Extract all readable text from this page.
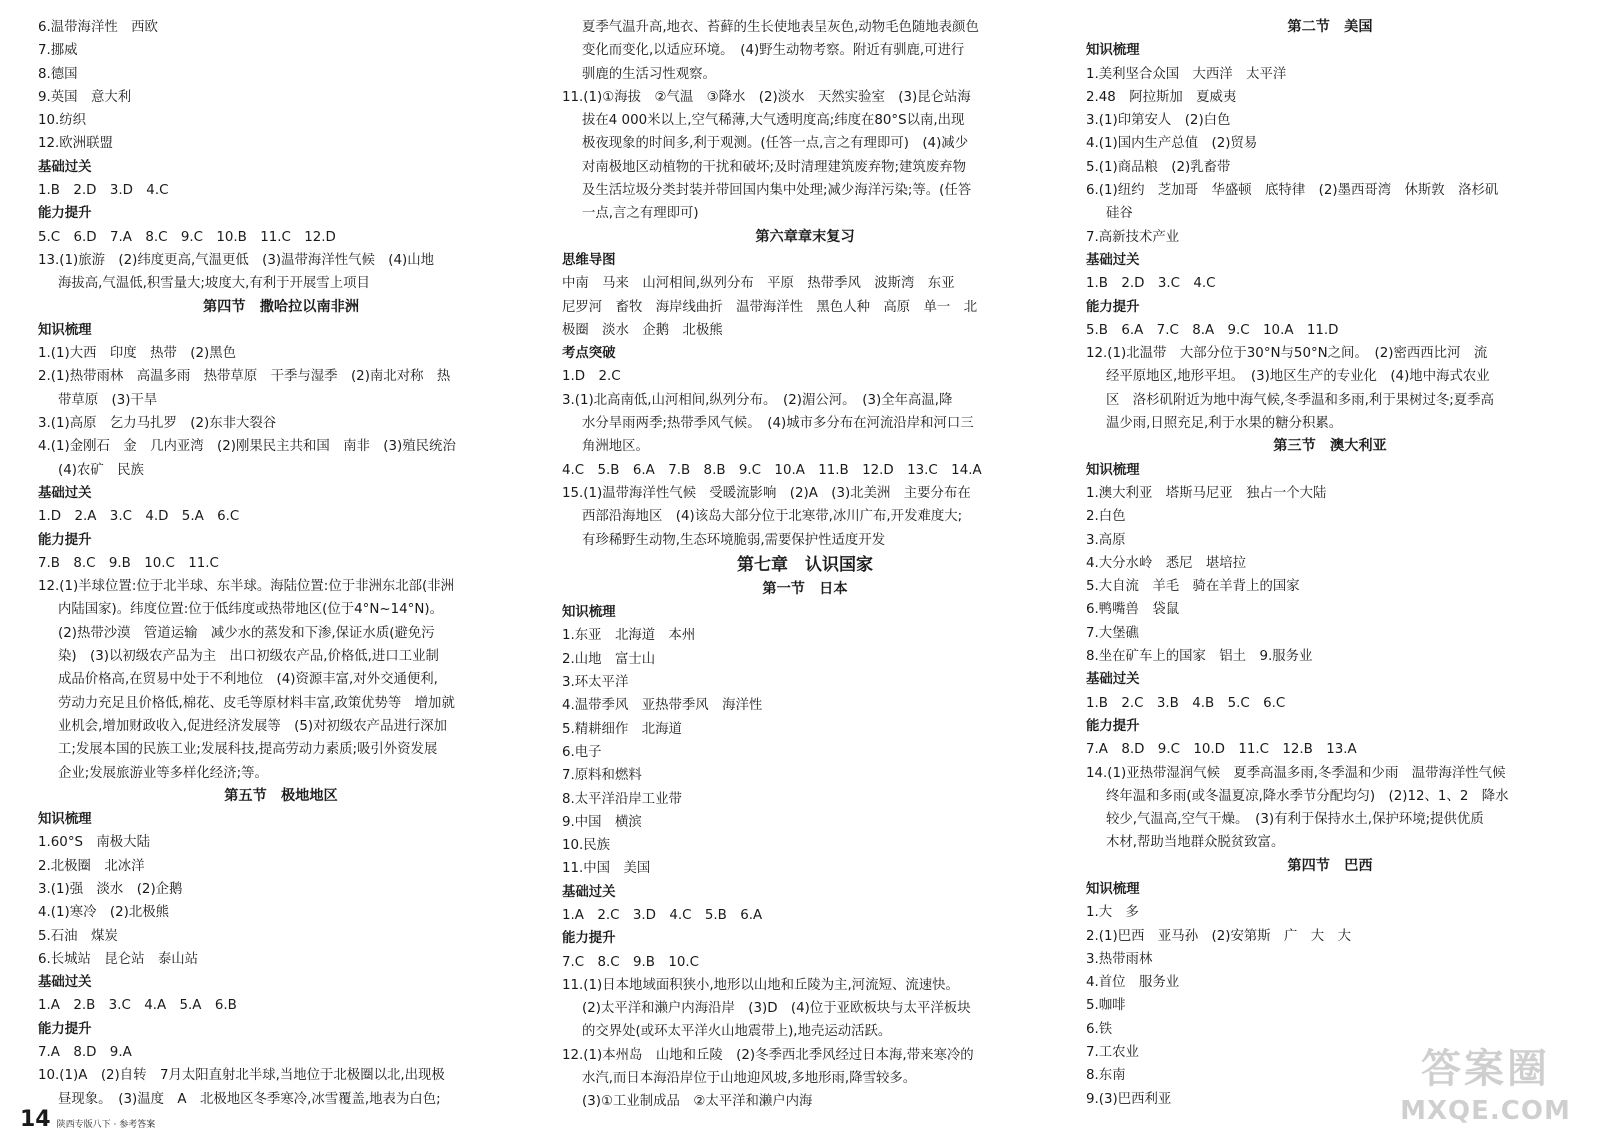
6.温带海洋性　西欧
7.挪威
8.德国
9.英国　意大利
10.纺织
12.欧洲联盟
基础过关
1.B　2.D　3.D　4.C
能力提升
5.C　6.D　7.A　8.C　9.C　10.B　11.C　12.D
13.(1)旅游　(2)纬度更高,气温更低　(3)温带海洋性气候　(4)山地
海拔高,气温低,积雪量大;坡度大,有利于开展雪上项目
第四节　撒哈拉以南非洲
知识梳理
1.(1)大西　印度　热带　(2)黑色
2.(1)热带雨林　高温多雨　热带草原　干季与湿季　(2)南北对称　热
带草原　(3)干旱
3.(1)高原　乞力马扎罗　(2)东非大裂谷
4.(1)金刚石　金　几内亚湾　(2)刚果民主共和国　南非　(3)殖民统治
(4)农矿　民族
基础过关
1.D　2.A　3.C　4.D　5.A　6.C
能力提升
7.B　8.C　9.B　10.C　11.C
12.(1)半球位置:位于北半球、东半球。海陆位置:位于非洲东北部(非洲
内陆国家)。纬度位置:位于低纬度或热带地区(位于4°N~14°N)。
(2)热带沙漠　管道运输　减少水的蒸发和下渗,保证水质(避免污
染)　(3)以初级农产品为主　出口初级农产品,价格低,进口工业制
成品价格高,在贸易中处于不利地位　(4)资源丰富,对外交通便利,
劳动力充足且价格低,棉花、皮毛等原材料丰富,政策优势等　增加就
业机会,增加财政收入,促进经济发展等　(5)对初级农产品进行深加
工;发展本国的民族工业;发展科技,提高劳动力素质;吸引外资发展
企业;发展旅游业等多样化经济;等。
第五节　极地地区
知识梳理
1.60°S　南极大陆
2.北极圈　北冰洋
3.(1)强　淡水　(2)企鹅
4.(1)寒冷　(2)北极熊
5.石油　煤炭
6.长城站　昆仑站　泰山站
基础过关
1.A　2.B　3.C　4.A　5.A　6.B
能力提升
7.A　8.D　9.A
10.(1)A　(2)自转　7月太阳直射北半球,当地位于北极圈以北,出现极
昼现象。　(3)温度　A　北极地区冬季寒冷,冰雪覆盖,地表为白色;
夏季气温升高,地衣、苔藓的生长使地表呈灰色,动物毛色随地表颜色
变化而变化,以适应环境。　(4)野生动物考察。附近有驯鹿,可进行
驯鹿的生活习性观察。
11.(1)①海拔　②气温　③降水　(2)淡水　天然实验室　(3)昆仑站海
拔在4 000米以上,空气稀薄,大气透明度高;纬度在80°S以南,出现
极夜现象的时间多,利于观测。(任答一点,言之有理即可)　(4)减少
对南极地区动植物的干扰和破坏;及时清理建筑废弃物;建筑废弃物
及生活垃圾分类封装并带回国内集中处理;减少海洋污染;等。(任答
一点,言之有理即可)
第六章章末复习
思维导图
中南　马来　山河相间,纵列分布　平原　热带季风　波斯湾　东亚
尼罗河　畜牧　海岸线曲折　温带海洋性　黑色人种　高原　单一　北
极圈　淡水　企鹅　北极熊
考点突破
1.D　2.C
3.(1)北高南低,山河相间,纵列分布。　(2)湄公河。　(3)全年高温,降
水分旱雨两季;热带季风气候。　(4)城市多分布在河流沿岸和河口三
角洲地区。
4.C　5.B　6.A　7.B　8.B　9.C　10.A　11.B　12.D　13.C　14.A
15.(1)温带海洋性气候　受暖流影响　(2)A　(3)北美洲　主要分布在
西部沿海地区　(4)该岛大部分位于北寒带,冰川广布,开发难度大;
有珍稀野生动物,生态环境脆弱,需要保护性适度开发
第七章　认识国家
第一节　日本
知识梳理
1.东亚　北海道　本州
2.山地　富士山
3.环太平洋
4.温带季风　亚热带季风　海洋性
5.精耕细作　北海道
6.电子
7.原料和燃料
8.太平洋沿岸工业带
9.中国　横滨
10.民族
11.中国　美国
基础过关
1.A　2.C　3.D　4.C　5.B　6.A
能力提升
7.C　8.C　9.B　10.C
11.(1)日本地域面积狭小,地形以山地和丘陵为主,河流短、流速快。
(2)太平洋和濑户内海沿岸　(3)D　(4)位于亚欧板块与太平洋板块
的交界处(或环太平洋火山地震带上),地壳运动活跃。
12.(1)本州岛　山地和丘陵　(2)冬季西北季风经过日本海,带来寒冷的
水汽,而日本海沿岸位于山地迎风坡,多地形雨,降雪较多。
(3)①工业制成品　②太平洋和濑户内海
第二节　美国
知识梳理
1.美利坚合众国　大西洋　太平洋
2.48　阿拉斯加　夏威夷
3.(1)印第安人　(2)白色
4.(1)国内生产总值　(2)贸易
5.(1)商品粮　(2)乳畜带
6.(1)纽约　芝加哥　华盛顿　底特律　(2)墨西哥湾　休斯敦　洛杉矶
硅谷
7.高新技术产业
基础过关
1.B　2.D　3.C　4.C
能力提升
5.B　6.A　7.C　8.A　9.C　10.A　11.D
12.(1)北温带　大部分位于30°N与50°N之间。　(2)密西西比河　流
经平原地区,地形平坦。　(3)地区生产的专业化　(4)地中海式农业
区　洛杉矶附近为地中海气候,冬季温和多雨,利于果树过冬;夏季高
温少雨,日照充足,利于水果的糖分积累。
第三节　澳大利亚
知识梳理
1.澳大利亚　塔斯马尼亚　独占一个大陆
2.白色
3.高原
4.大分水岭　悉尼　堪培拉
5.大自流　羊毛　骑在羊背上的国家
6.鸭嘴兽　袋鼠
7.大堡礁
8.坐在矿车上的国家　铝土　9.服务业
基础过关
1.B　2.C　3.B　4.B　5.C　6.C
能力提升
7.A　8.D　9.C　10.D　11.C　12.B　13.A
14.(1)亚热带湿润气候　夏季高温多雨,冬季温和少雨　温带海洋性气候
终年温和多雨(或冬温夏凉,降水季节分配均匀)　(2)12、1、2　降水
较少,气温高,空气干燥。　(3)有利于保持水土,保护环境;提供优质
木材,帮助当地群众脱贫致富。
第四节　巴西
知识梳理
1.大　多
2.(1)巴西　亚马孙　(2)安第斯　广　大　大
3.热带雨林
4.首位　服务业
5.咖啡
6.铁
7.工农业
8.东南
9.(3)巴西利亚
14 陕西专版八下 · 参考答案
答案圈
MXQE.COM
